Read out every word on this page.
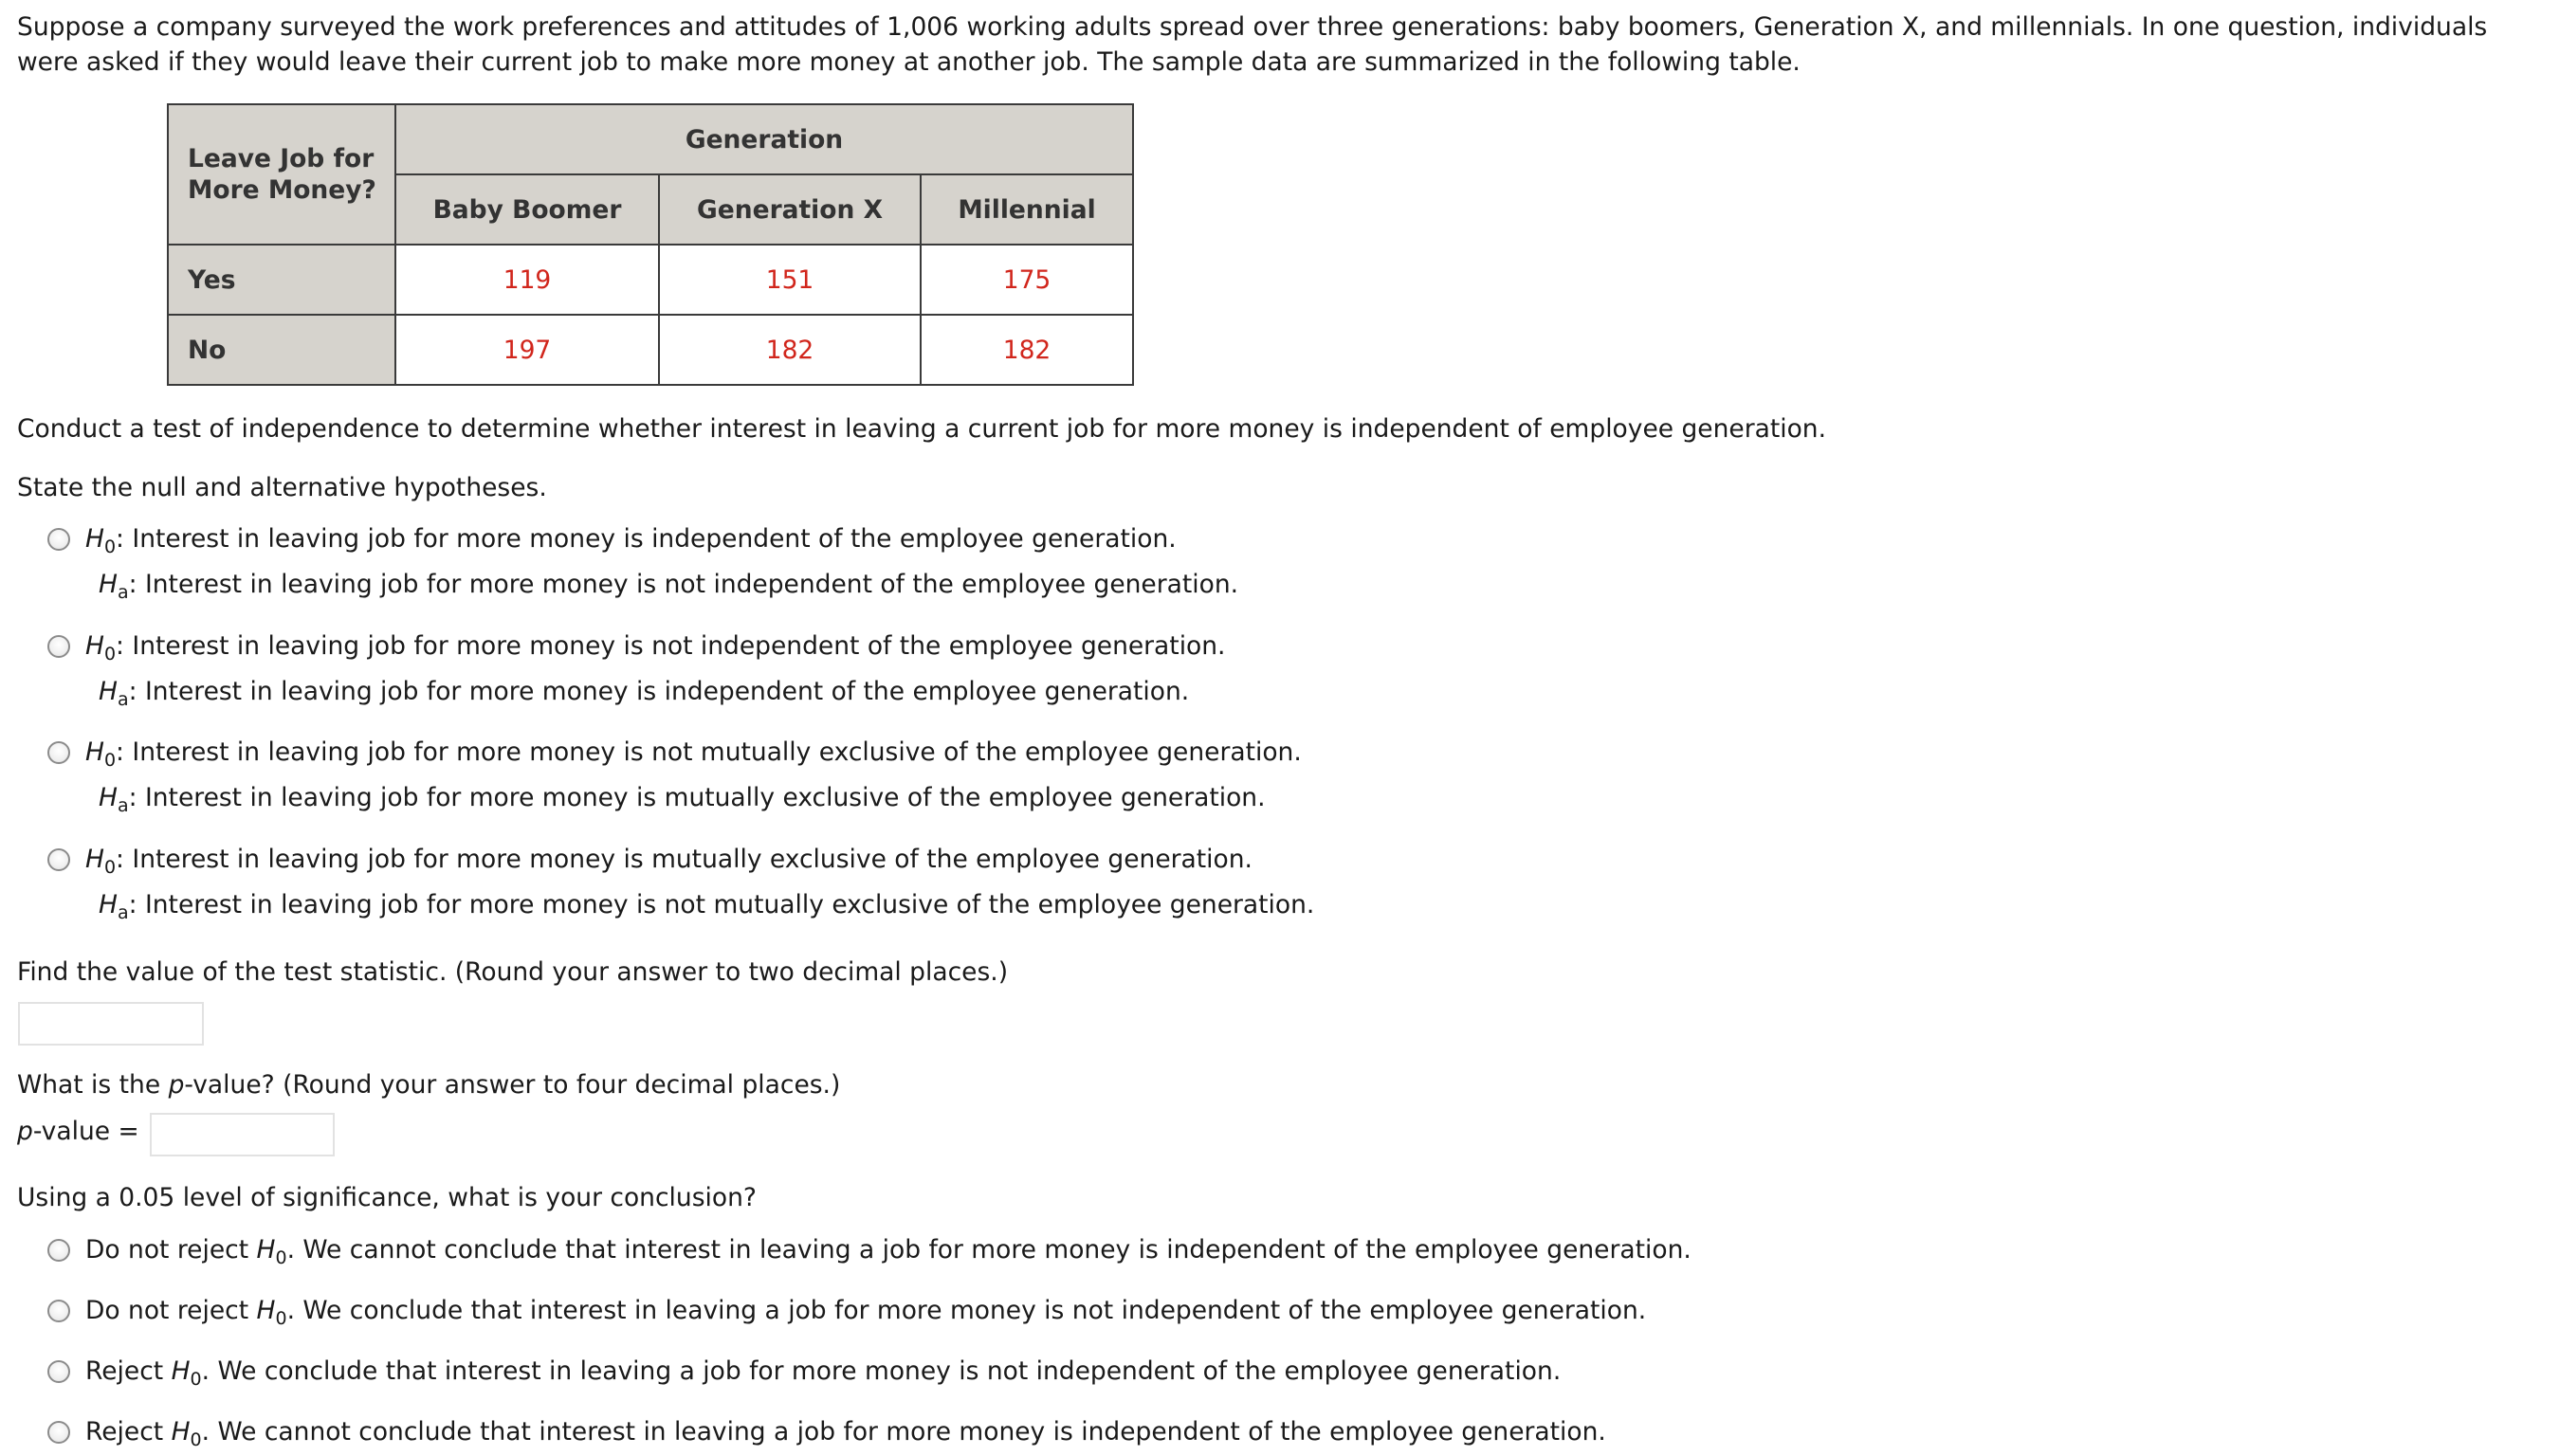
Suppose a company surveyed the work preferences and attitudes of 1,006 working adults spread over three generations: baby boomers, Generation X, and millennials. In one question, individuals were asked if they would leave their current job to make more money at another job. The sample data are summarized in the following table.
Leave Job for More Money?	Generation		
	Baby Boomer	Generation X	Millennial
Yes	119	151	175
No	197	182	182
Conduct a test of independence to determine whether interest in leaving a current job for more money is independent of employee generation.
State the null and alternative hypotheses.
$H_0$: Interest in leaving job for more money is independent of the employee generation.
$H_a$: Interest in leaving job for more money is not independent of the employee generation.
$H_0$: Interest in leaving job for more money is not independent of the employee generation.
$H_a$: Interest in leaving job for more money is independent of the employee generation.
$H_0$: Interest in leaving job for more money is not mutually exclusive of the employee generation.
$H_a$: Interest in leaving job for more money is mutually exclusive of the employee generation.
$H_0$: Interest in leaving job for more money is mutually exclusive of the employee generation.
$H_a$: Interest in leaving job for more money is not mutually exclusive of the employee generation.
Find the value of the test statistic. (Round your answer to two decimal places.)
What is the p-value? (Round your answer to four decimal places.)
p-value =
Using a 0.05 level of significance, what is your conclusion?
Do not reject $H_0$. We cannot conclude that interest in leaving a job for more money is independent of the employee generation.
Do not reject $H_0$. We conclude that interest in leaving a job for more money is not independent of the employee generation.
Reject $H_0$. We conclude that interest in leaving a job for more money is not independent of the employee generation.
Reject $H_0$. We cannot conclude that interest in leaving a job for more money is independent of the employee generation.
